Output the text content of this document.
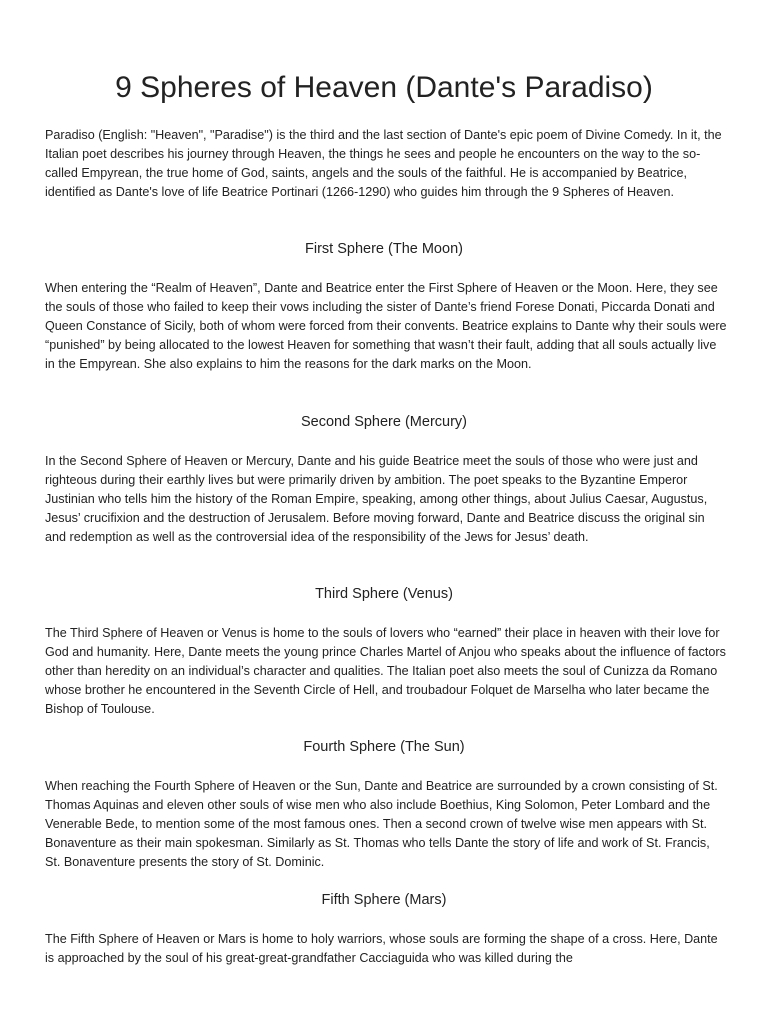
9 Spheres of Heaven (Dante's Paradiso)

Paradiso (English: "Heaven", "Paradise") is the third and the last section of Dante's epic poem of Divine Comedy. In it, the Italian poet describes his journey through Heaven, the things he sees and people he encounters on the way to the so-called Empyrean, the true home of God, saints, angels and the souls of the faithful. He is accompanied by Beatrice, identified as Dante's love of life Beatrice Portinari (1266-1290) who guides him through the 9 Spheres of Heaven.

First Sphere (The Moon)

When entering the “Realm of Heaven”, Dante and Beatrice enter the First Sphere of Heaven or the Moon. Here, they see the souls of those who failed to keep their vows including the sister of Dante’s friend Forese Donati, Piccarda Donati and Queen Constance of Sicily, both of whom were forced from their convents. Beatrice explains to Dante why their souls were “punished” by being allocated to the lowest Heaven for something that wasn’t their fault, adding that all souls actually live in the Empyrean. She also explains to him the reasons for the dark marks on the Moon.

Second Sphere (Mercury)

In the Second Sphere of Heaven or Mercury, Dante and his guide Beatrice meet the souls of those who were just and righteous during their earthly lives but were primarily driven by ambition. The poet speaks to the Byzantine Emperor Justinian who tells him the history of the Roman Empire, speaking, among other things, about Julius Caesar, Augustus, Jesus’ crucifixion and the destruction of Jerusalem. Before moving forward, Dante and Beatrice discuss the original sin and redemption as well as the controversial idea of the responsibility of the Jews for Jesus’ death.

Third Sphere (Venus)

The Third Sphere of Heaven or Venus is home to the souls of lovers who “earned” their place in heaven with their love for God and humanity. Here, Dante meets the young prince Charles Martel of Anjou who speaks about the influence of factors other than heredity on an individual’s character and qualities. The Italian poet also meets the soul of Cunizza da Romano whose brother he encountered in the Seventh Circle of Hell, and troubadour Folquet de Marselha who later became the Bishop of Toulouse.

Fourth Sphere (The Sun)

When reaching the Fourth Sphere of Heaven or the Sun, Dante and Beatrice are surrounded by a crown consisting of St. Thomas Aquinas and eleven other souls of wise men who also include Boethius, King Solomon, Peter Lombard and the Venerable Bede, to mention some of the most famous ones. Then a second crown of twelve wise men appears with St. Bonaventure as their main spokesman. Similarly as St. Thomas who tells Dante the story of life and work of St. Francis, St. Bonaventure presents the story of St. Dominic.

Fifth Sphere (Mars)

The Fifth Sphere of Heaven or Mars is home to holy warriors, whose souls are forming the shape of a cross. Here, Dante is approached by the soul of his great-great-grandfather Cacciaguida who was killed during the
